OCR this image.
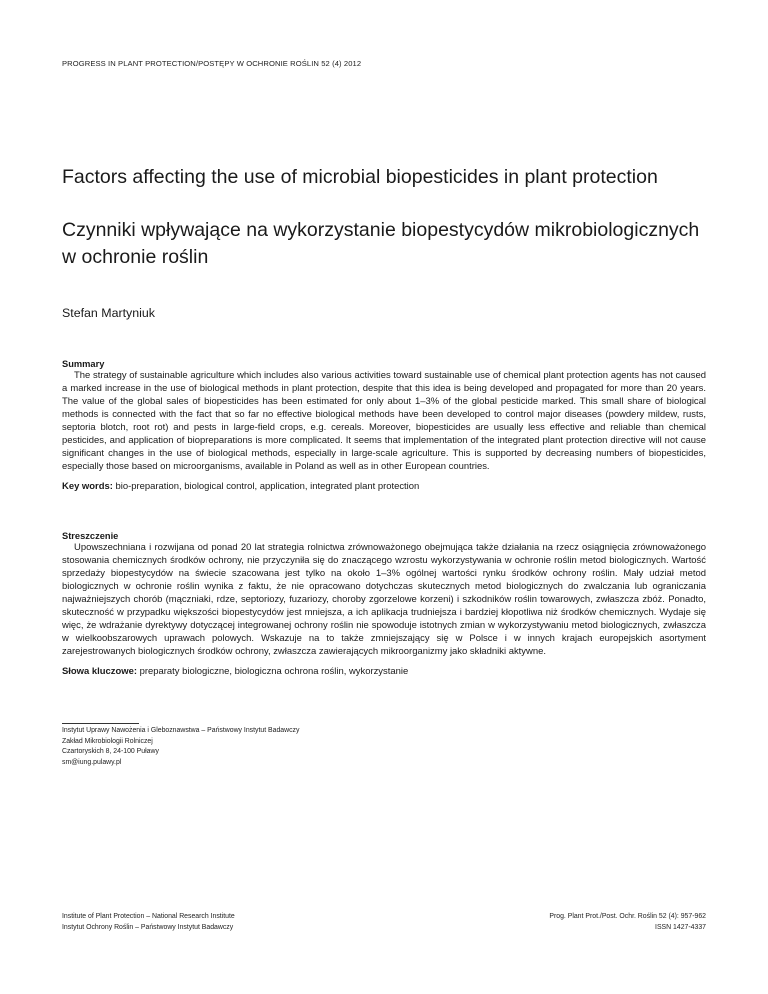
PROGRESS IN PLANT PROTECTION/POSTĘPY W OCHRONIE ROŚLIN 52 (4) 2012
Factors affecting the use of microbial biopesticides in plant protection
Czynniki wpływające na wykorzystanie biopestycydów mikrobiologicznych
w ochronie roślin
Stefan Martyniuk

Summary

The strategy of sustainable agriculture which includes also various activities toward sustainable use of chemical plant protection agents has not caused a marked increase in the use of biological methods in plant protection, despite that this idea is being developed and propagated for more than 20 years. The value of the global sales of biopesticides has been estimated for only about 1–3% of the global pesticide marked. This small share of biological methods is connected with the fact that so far no effective biological methods have been developed to control major diseases (powdery mildew, rusts, septoria blotch, root rot) and pests in large-field crops, e.g. cereals. Moreover, biopesticides are usually less effective and reliable than chemical pesticides, and application of biopreparations is more complicated. It seems that implementation of the integrated plant protection directive will not cause significant changes in the use of biological methods, especially in large-scale agriculture. This is supported by decreasing numbers of biopesticides, especially those based on microorganisms, available in Poland as well as in other European countries.

Key words: bio-preparation, biological control, application, integrated plant protection

Streszczenie

Upowszechniana i rozwijana od ponad 20 lat strategia rolnictwa zrównoważonego obejmująca także działania na rzecz osiągnięcia zrównoważonego stosowania chemicznych środków ochrony, nie przyczyniła się do znaczącego wzrostu wykorzystywania w ochronie roślin metod biologicznych. Wartość sprzedaży biopestycydów na świecie szacowana jest tylko na około 1–3% ogólnej wartości rynku środków ochrony roślin. Mały udział metod biologicznych w ochronie roślin wynika z faktu, że nie opracowano dotychczas skutecznych metod biologicznych do zwalczania lub ograniczania najważniejszych chorób (mączniaki, rdze, septoriozy, fuzariozy, choroby zgorzelowe korzeni) i szkodników roślin towarowych, zwłaszcza zbóż. Ponadto, skuteczność w przypadku większości biopestycydów jest mniejsza, a ich aplikacja trudniejsza i bardziej kłopotliwa niż środków chemicznych. Wydaje się więc, że wdrażanie dyrektywy dotyczącej integrowanej ochrony roślin nie spowoduje istotnych zmian w wykorzystywaniu metod biologicznych, zwłaszcza w wielkoobszarowych uprawach polowych. Wskazuje na to także zmniejszający się w Polsce i w innych krajach europejskich asortyment zarejestrowanych biologicznych środków ochrony, zwłaszcza zawierających mikroorganizmy jako składniki aktywne.

Słowa kluczowe: preparaty biologiczne, biologiczna ochrona roślin, wykorzystanie

Instytut Uprawy Nawożenia i Gleboznawstwa – Państwowy Instytut Badawczy
Zakład Mikrobiologii Rolniczej
Czartoryskich 8, 24-100 Puławy
sm@iung.pulawy.pl
Institute of Plant Protection – National Research Institute
Instytut Ochrony Roślin – Państwowy Instytut Badawczy
Prog. Plant Prot./Post. Ochr. Roślin 52 (4): 957-962
ISSN 1427-4337
